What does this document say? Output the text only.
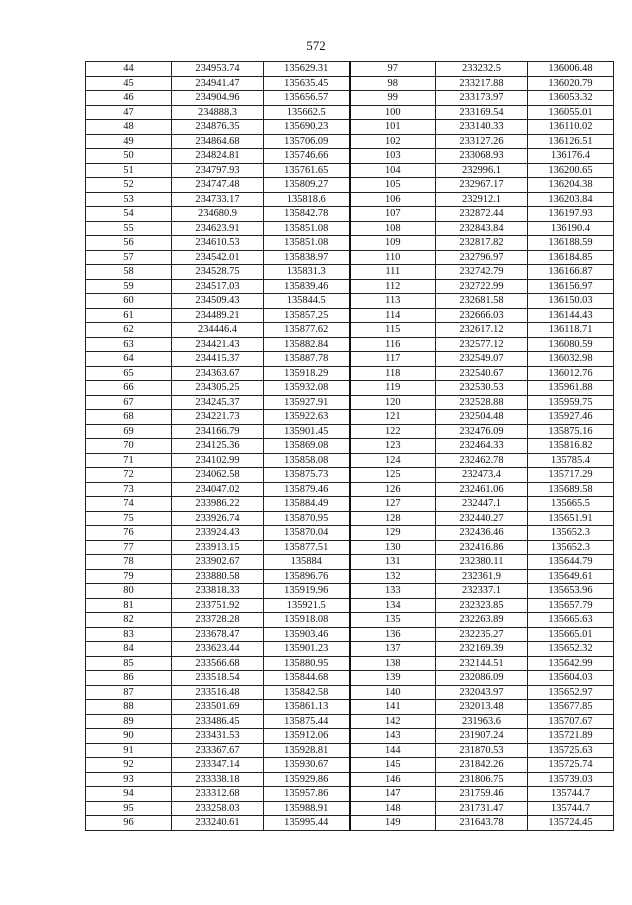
572
44	234953.74	135629.31	97	233232.5	136006.48
45	234941.47	135635.45	98	233217.88	136020.79
46	234904.96	135656.57	99	233173.97	136053.32
47	234888.3	135662.5	100	233169.54	136055.01
48	234876.35	135690.23	101	233140.33	136110.02
49	234864.68	135706.09	102	233127.26	136126.51
50	234824.81	135746.66	103	233068.93	136176.4
51	234797.93	135761.65	104	232996.1	136200.65
52	234747.48	135809.27	105	232967.17	136204.38
53	234733.17	135818.6	106	232912.1	136203.84
54	234680.9	135842.78	107	232872.44	136197.93
55	234623.91	135851.08	108	232843.84	136190.4
56	234610.53	135851.08	109	232817.82	136188.59
57	234542.01	135838.97	110	232796.97	136184.85
58	234528.75	135831.3	111	232742.79	136166.87
59	234517.03	135839.46	112	232722.99	136156.97
60	234509.43	135844.5	113	232681.58	136150.03
61	234489.21	135857.25	114	232666.03	136144.43
62	234446.4	135877.62	115	232617.12	136118.71
63	234421.43	135882.84	116	232577.12	136080.59
64	234415.37	135887.78	117	232549.07	136032.98
65	234363.67	135918.29	118	232540.67	136012.76
66	234305.25	135932.08	119	232530.53	135961.88
67	234245.37	135927.91	120	232528.88	135959.75
68	234221.73	135922.63	121	232504.48	135927.46
69	234166.79	135901.45	122	232476.09	135875.16
70	234125.36	135869.08	123	232464.33	135816.82
71	234102.99	135858.08	124	232462.78	135785.4
72	234062.58	135875.73	125	232473.4	135717.29
73	234047.02	135879.46	126	232461.06	135689.58
74	233986.22	135884.49	127	232447.1	135665.5
75	233926.74	135870.95	128	232440.27	135651.91
76	233924.43	135870.04	129	232436.46	135652.3
77	233913.15	135877.51	130	232416.86	135652.3
78	233902.67	135884	131	232380.11	135644.79
79	233880.58	135896.76	132	232361.9	135649.61
80	233818.33	135919.96	133	232337.1	135653.96
81	233751.92	135921.5	134	232323.85	135657.79
82	233728.28	135918.08	135	232263.89	135665.63
83	233678.47	135903.46	136	232235.27	135665.01
84	233623.44	135901.23	137	232169.39	135652.32
85	233566.68	135880.95	138	232144.51	135642.99
86	233518.54	135844.68	139	232086.09	135604.03
87	233516.48	135842.58	140	232043.97	135652.97
88	233501.69	135861.13	141	232013.48	135677.85
89	233486.45	135875.44	142	231963.6	135707.67
90	233431.53	135912.06	143	231907.24	135721.89
91	233367.67	135928.81	144	231870.53	135725.63
92	233347.14	135930.67	145	231842.26	135725.74
93	233338.18	135929.86	146	231806.75	135739.03
94	233312.68	135957.86	147	231759.46	135744.7
95	233258.03	135988.91	148	231731.47	135744.7
96	233240.61	135995.44	149	231643.78	135724.45
